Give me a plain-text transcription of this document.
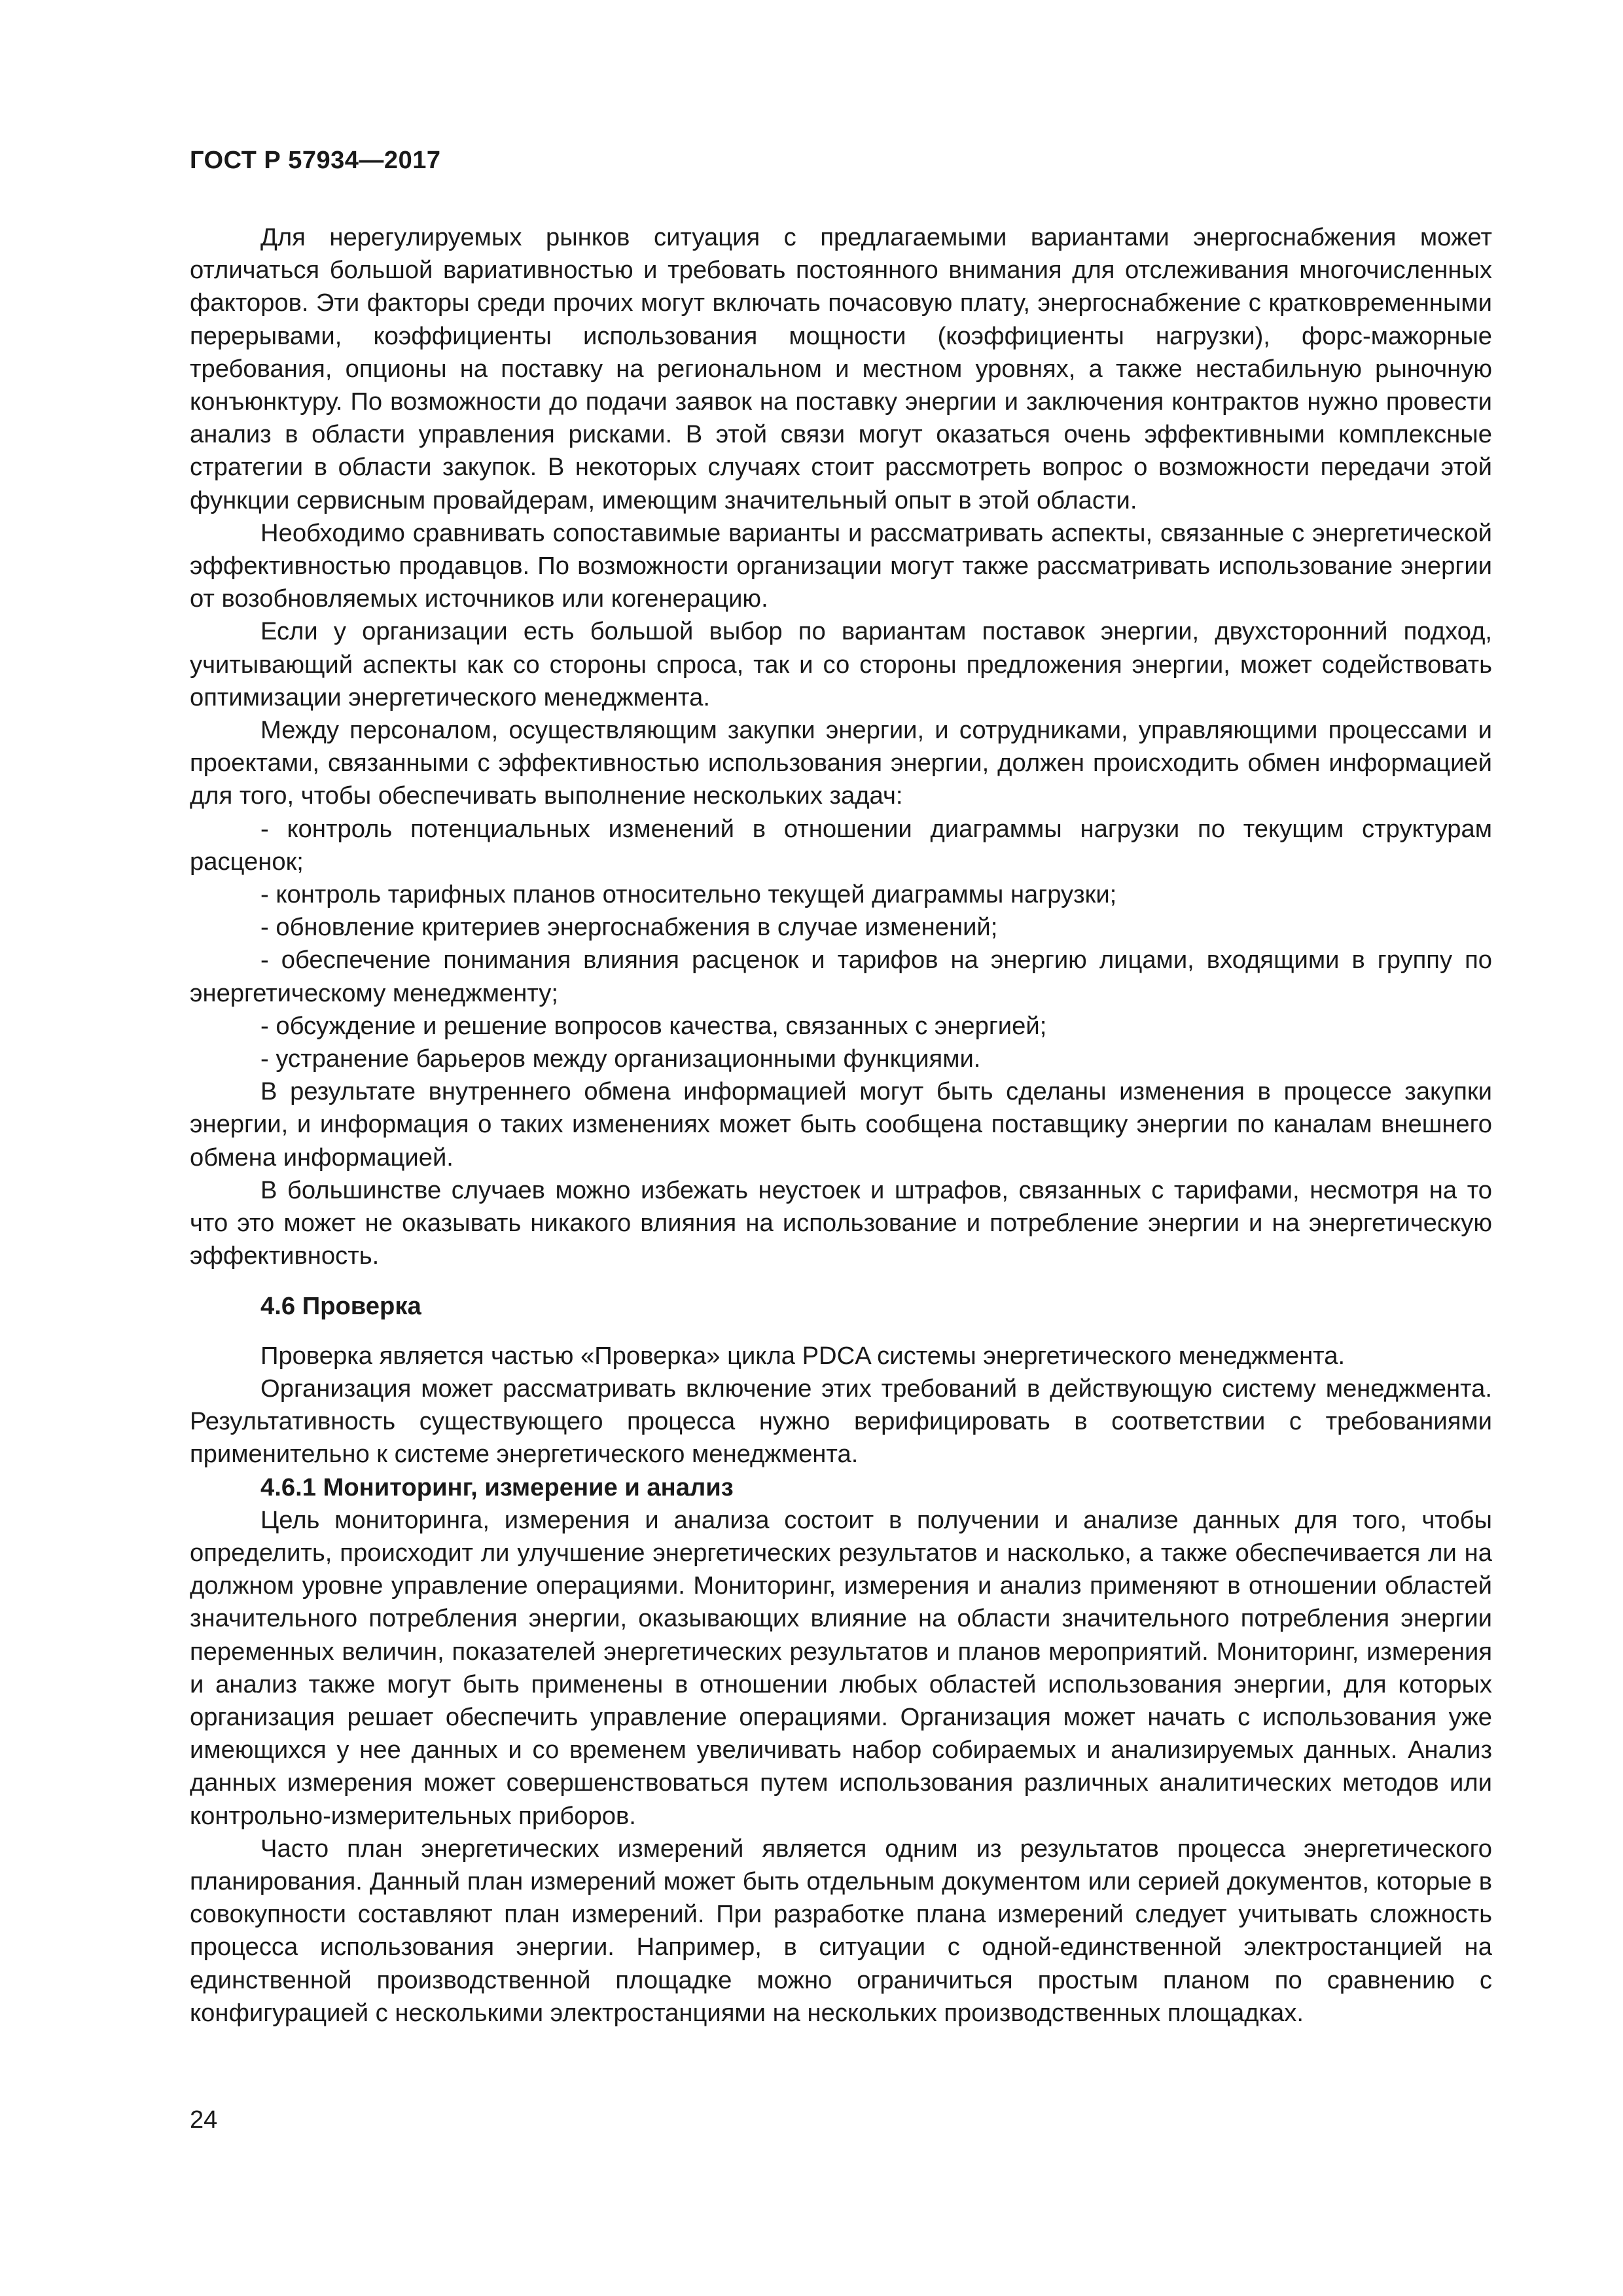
ГОСТ Р 57934—2017

Для нерегулируемых рынков ситуация с предлагаемыми вариантами энергоснабжения может отличаться большой вариативностью и требовать постоянного внимания для отслеживания многочисленных факторов. Эти факторы среди прочих могут включать почасовую плату, энергоснабжение с кратковременными перерывами, коэффициенты использования мощности (коэффициенты нагрузки), форс-мажорные требования, опционы на поставку на региональном и местном уровнях, а также нестабильную рыночную конъюнктуру. По возможности до подачи заявок на поставку энергии и заключения контрактов нужно провести анализ в области управления рисками. В этой связи могут оказаться очень эффективными комплексные стратегии в области закупок. В некоторых случаях стоит рассмотреть вопрос о возможности передачи этой функции сервисным провайдерам, имеющим значительный опыт в этой области.

Необходимо сравнивать сопоставимые варианты и рассматривать аспекты, связанные с энергетической эффективностью продавцов. По возможности организации могут также рассматривать использование энергии от возобновляемых источников или когенерацию.

Если у организации есть большой выбор по вариантам поставок энергии, двухсторонний подход, учитывающий аспекты как со стороны спроса, так и со стороны предложения энергии, может содействовать оптимизации энергетического менеджмента.

Между персоналом, осуществляющим закупки энергии, и сотрудниками, управляющими процессами и проектами, связанными с эффективностью использования энергии, должен происходить обмен информацией для того, чтобы обеспечивать выполнение нескольких задач:

- контроль потенциальных изменений в отношении диаграммы нагрузки по текущим структурам расценок;

- контроль тарифных планов относительно текущей диаграммы нагрузки;

- обновление критериев энергоснабжения в случае изменений;

- обеспечение понимания влияния расценок и тарифов на энергию лицами, входящими в группу по энергетическому менеджменту;

- обсуждение и решение вопросов качества, связанных с энергией;

- устранение барьеров между организационными функциями.

В результате внутреннего обмена информацией могут быть сделаны изменения в процессе закупки энергии, и информация о таких изменениях может быть сообщена поставщику энергии по каналам внешнего обмена информацией.

В большинстве случаев можно избежать неустоек и штрафов, связанных с тарифами, несмотря на то что это может не оказывать никакого влияния на использование и потребление энергии и на энергетическую эффективность.

4.6 Проверка

Проверка является частью «Проверка» цикла PDCA системы энергетического менеджмента.

Организация может рассматривать включение этих требований в действующую систему менеджмента. Результативность существующего процесса нужно верифицировать в соответствии с требованиями применительно к системе энергетического менеджмента.

4.6.1 Мониторинг, измерение и анализ

Цель мониторинга, измерения и анализа состоит в получении и анализе данных для того, чтобы определить, происходит ли улучшение энергетических результатов и насколько, а также обеспечивается ли на должном уровне управление операциями. Мониторинг, измерения и анализ применяют в отношении областей значительного потребления энергии, оказывающих влияние на области значительного потребления энергии переменных величин, показателей энергетических результатов и планов мероприятий. Мониторинг, измерения и анализ также могут быть применены в отношении любых областей использования энергии, для которых организация решает обеспечить управление операциями. Организация может начать с использования уже имеющихся у нее данных и со временем увеличивать набор собираемых и анализируемых данных. Анализ данных измерения может совершенствоваться путем использования различных аналитических методов или контрольно-измерительных приборов.

Часто план энергетических измерений является одним из результатов процесса энергетического планирования. Данный план измерений может быть отдельным документом или серией документов, которые в совокупности составляют план измерений. При разработке плана измерений следует учитывать сложность процесса использования энергии. Например, в ситуации с одной-единственной электростанцией на единственной производственной площадке можно ограничиться простым планом по сравнению с конфигурацией с несколькими электростанциями на нескольких производственных площадках.

24
